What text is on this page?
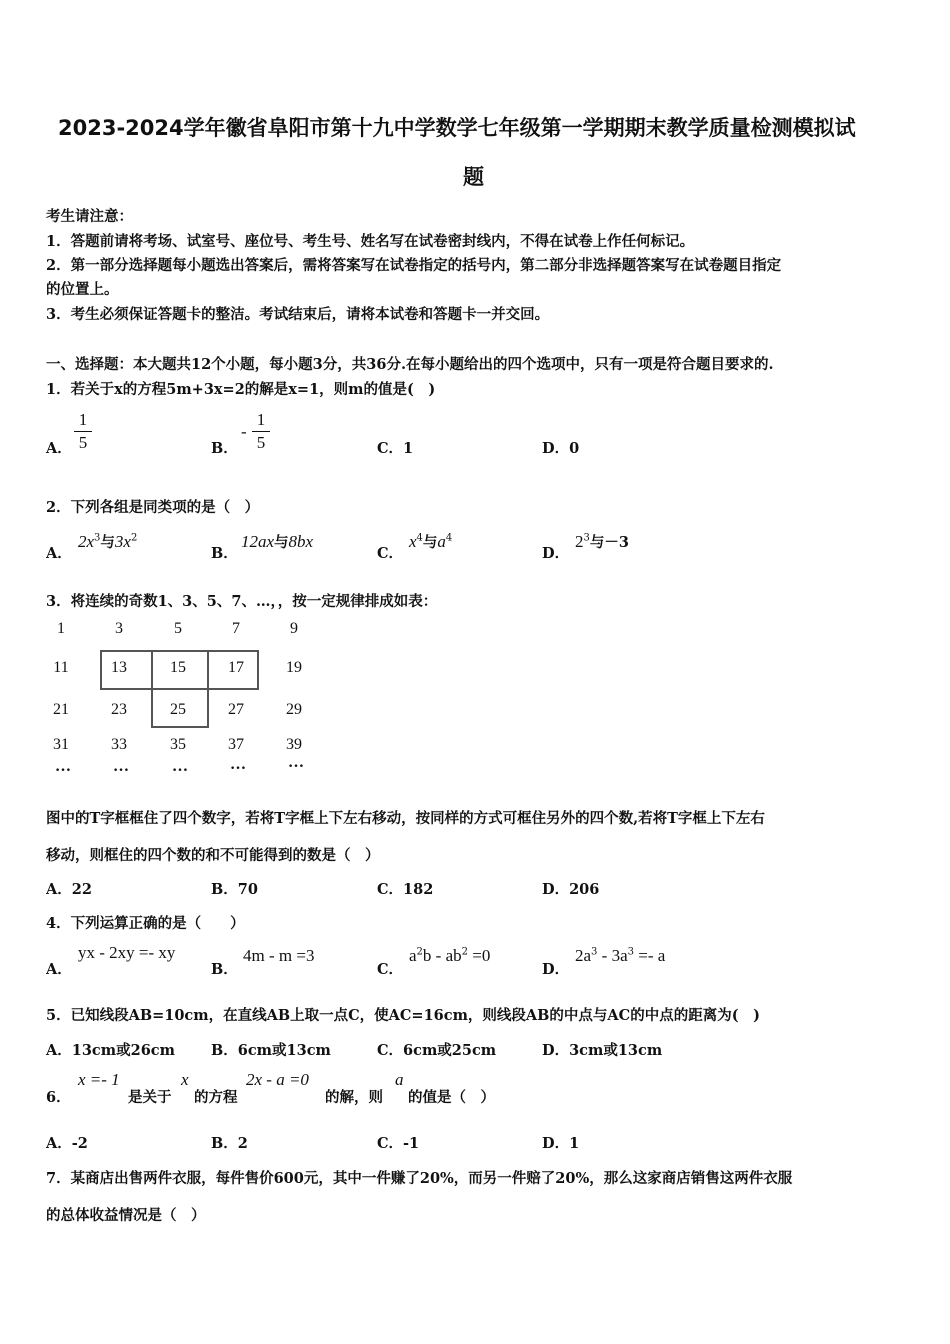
2023-2024学年徽省阜阳市第十九中学数学七年级第一学期期末教学质量检测模拟试
题
考生请注意：
1．答题前请将考场、试室号、座位号、考生号、姓名写在试卷密封线内，不得在试卷上作任何标记。
2．第一部分选择题每小题选出答案后，需将答案写在试卷指定的括号内，第二部分非选择题答案写在试卷题目指定
的位置上。
3．考生必须保证答题卡的整洁。考试结束后，请将本试卷和答题卡一并交回。
一、选择题：本大题共12个小题，每小题3分，共36分.在每小题给出的四个选项中，只有一项是符合题目要求的.
1．若关于x的方程5m+3x=2的解是x=1，则m的值是(　)
A．
1
5	B．
-
1
5	C．1	D．0
2．下列各组是同类项的是（　）
A．
$2x^3$与$3x^2$
B．
12ax与8bx
C．
$x^4$与$a^4$
D．
$2^3$与－3
3．将连续的奇数1、3、5、7、…，，按一定规律排成如表：
1	3	5	7	9
11	13	15	17	19
21	23	25	27	29
31	33	35	37	39
…	…	…	…	…
图中的T字框框住了四个数字，若将T字框上下左右移动，按同样的方式可框住另外的四个数,若将T字框上下左右
移动，则框住的四个数的和不可能得到的数是（　）
A．22	B．70	C．182	D．206
4．下列运算正确的是（　　）
A．
yx - 2xy =- xy
B．
4m - m =3
C．
$a^2b - ab^2 =0$
D．
$2a^3 - 3a^3 =- a$
5．已知线段AB=10cm，在直线AB上取一点C，使AC=16cm，则线段AB的中点与AC的中点的距离为(　)
A．13cm或26cm B．6cm或13cm	C．6cm或25cm	D．3cm或13cm
6．
x =- 1
是关于
x
的方程
2x - a =0
的解，则
a
的值是（　）
A．-2	B．2	C．-1	D．1
7．某商店出售两件衣服，每件售价600元，其中一件赚了20%，而另一件赔了20%，那么这家商店销售这两件衣服
的总体收益情况是（　）
